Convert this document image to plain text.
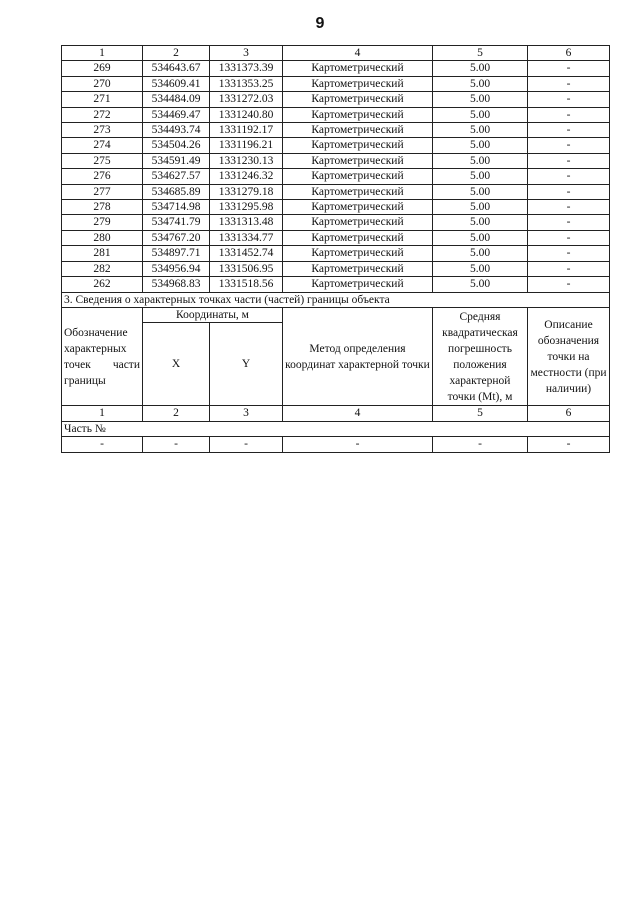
9
1	2	3	4	5	6
269	534643.67	1331373.39	Картометрический	5.00	-
270	534609.41	1331353.25	Картометрический	5.00	-
271	534484.09	1331272.03	Картометрический	5.00	-
272	534469.47	1331240.80	Картометрический	5.00	-
273	534493.74	1331192.17	Картометрический	5.00	-
274	534504.26	1331196.21	Картометрический	5.00	-
275	534591.49	1331230.13	Картометрический	5.00	-
276	534627.57	1331246.32	Картометрический	5.00	-
277	534685.89	1331279.18	Картометрический	5.00	-
278	534714.98	1331295.98	Картометрический	5.00	-
279	534741.79	1331313.48	Картометрический	5.00	-
280	534767.20	1331334.77	Картометрический	5.00	-
281	534897.71	1331452.74	Картометрический	5.00	-
282	534956.94	1331506.95	Картометрический	5.00	-
262	534968.83	1331518.56	Картометрический	5.00	-
3. Сведения о характерных точках части (частей) границы объекта					
Обозначение характерных точек части границы	Координаты, м		Метод определения координат характерной точки	Средняя квадратическая погрешность положения характерной точки (Mt), м	Описание обозначения точки на местности (при наличии)
	X	Y			
1	2	3	4	5	6
Часть №					
-	-	-	-	-	-
